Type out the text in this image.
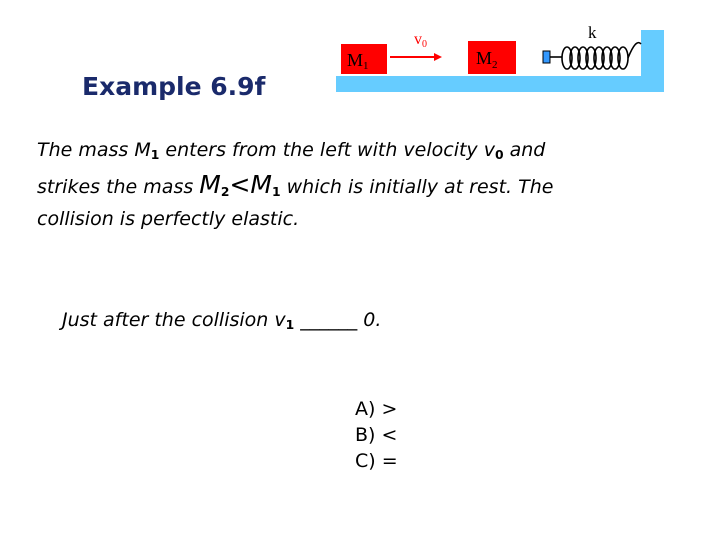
M1
v0
$M_2$
k
Example 6.9f
The mass $M_1$ enters from the left with velocity $v_0$ and
strikes the mass $M_2<M_1$ which is initially at rest. The
collision is perfectly elastic.
Just after the collision $v_1$ ______ 0.
A) >
B) <
C) =
